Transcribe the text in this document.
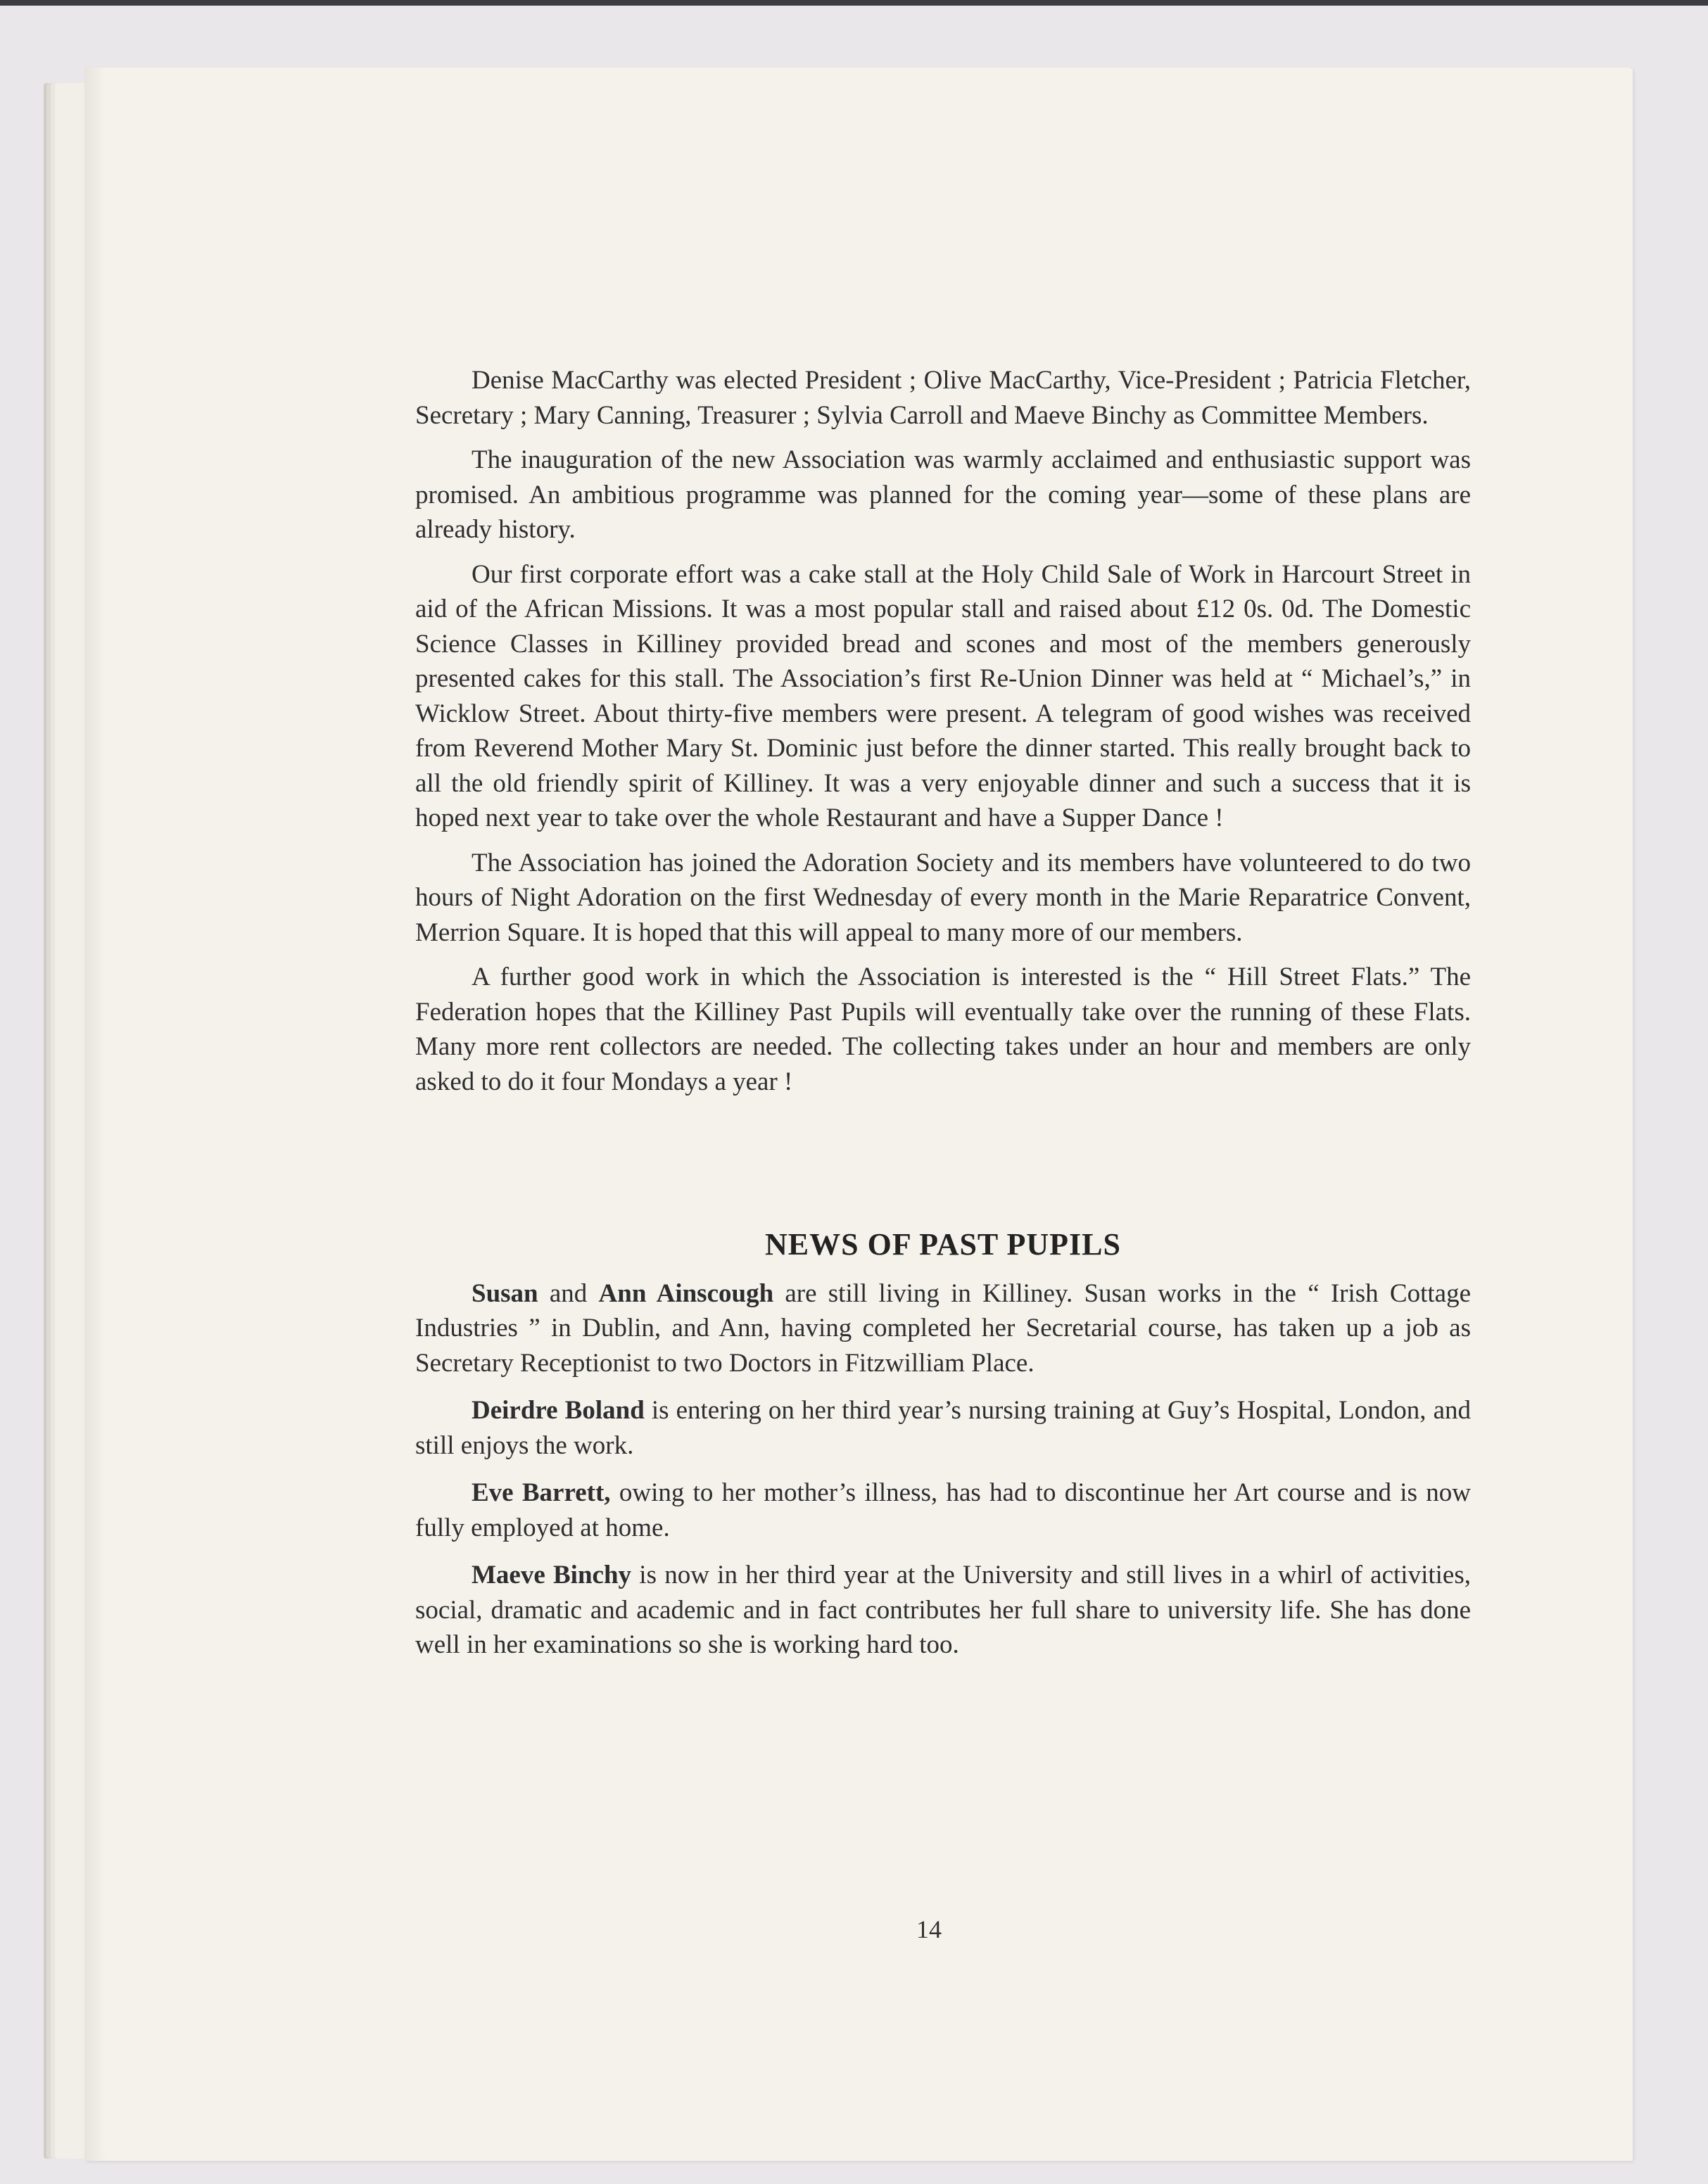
Denise MacCarthy was elected President ; Olive MacCarthy, Vice-President ; Patricia Fletcher, Secretary ; Mary Canning, Treasurer ; Sylvia Carroll and Maeve Binchy as Committee Members.

The inauguration of the new Association was warmly acclaimed and enthusiastic support was promised. An ambitious programme was planned for the coming year—some of these plans are already history.

Our first corporate effort was a cake stall at the Holy Child Sale of Work in Harcourt Street in aid of the African Missions. It was a most popular stall and raised about £12 0s. 0d. The Domestic Science Classes in Killiney provided bread and scones and most of the members generously presented cakes for this stall. The Association’s first Re-Union Dinner was held at “ Michael’s,” in Wicklow Street. About thirty-five members were present. A telegram of good wishes was received from Reverend Mother Mary St. Dominic just before the dinner started. This really brought back to all the old friendly spirit of Killiney. It was a very enjoyable dinner and such a success that it is hoped next year to take over the whole Restaurant and have a Supper Dance !

The Association has joined the Adoration Society and its members have volunteered to do two hours of Night Adoration on the first Wednesday of every month in the Marie Reparatrice Convent, Merrion Square. It is hoped that this will appeal to many more of our members.

A further good work in which the Association is interested is the “ Hill Street Flats.” The Federation hopes that the Killiney Past Pupils will eventually take over the running of these Flats. Many more rent collectors are needed. The collecting takes under an hour and members are only asked to do it four Mondays a year !

NEWS OF PAST PUPILS

Susan and Ann Ainscough are still living in Killiney. Susan works in the “ Irish Cottage Industries ” in Dublin, and Ann, having completed her Secretarial course, has taken up a job as Secretary Receptionist to two Doctors in Fitzwilliam Place.

Deirdre Boland is entering on her third year’s nursing training at Guy’s Hospital, London, and still enjoys the work.

Eve Barrett, owing to her mother’s illness, has had to discontinue her Art course and is now fully employed at home.

Maeve Binchy is now in her third year at the University and still lives in a whirl of activities, social, dramatic and academic and in fact contributes her full share to university life. She has done well in her examinations so she is working hard too.

14
